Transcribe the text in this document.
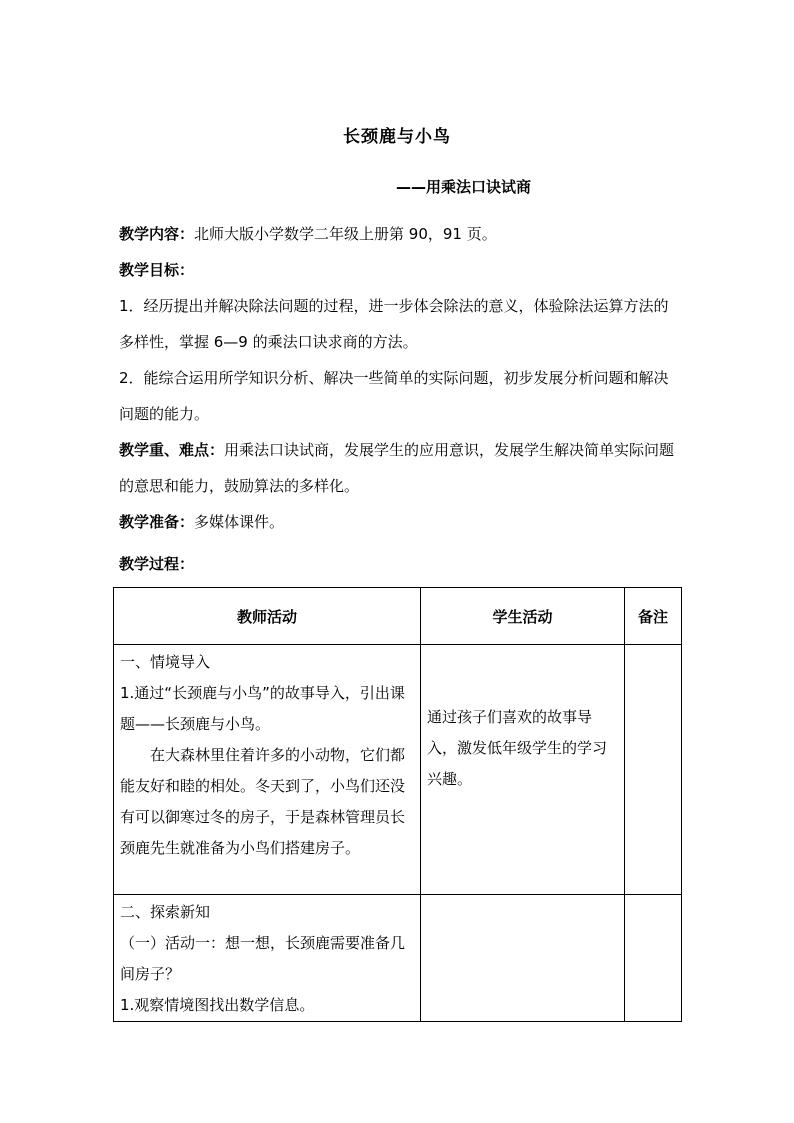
长颈鹿与小鸟
——用乘法口诀试商
教学内容：北师大版小学数学二年级上册第 90，91 页。
教学目标：
1．经历提出并解决除法问题的过程，进一步体会除法的意义，体验除法运算方法的多样性，掌握 6—9 的乘法口诀求商的方法。
2．能综合运用所学知识分析、解决一些简单的实际问题，初步发展分析问题和解决问题的能力。
教学重、难点：用乘法口诀试商，发展学生的应用意识，发展学生解决简单实际问题的意思和能力，鼓励算法的多样化。
教学准备：多媒体课件。
教学过程：
教师活动	学生活动	备注

一、情境导入
1.通过“长颈鹿与小鸟”的故事导入，引出课题——长颈鹿与小鸟。
在大森林里住着许多的小动物，它们都能友好和睦的相处。冬天到了，小鸟们还没有可以御寒过冬的房子，于是森林管理员长颈鹿先生就准备为小鸟们搭建房子。	通过孩子们喜欢的故事导入，激发低年级学生的学习兴趣。	

二、探索新知
（一）活动一：想一想，长颈鹿需要准备几间房子？
1.观察情境图找出数学信息。		
